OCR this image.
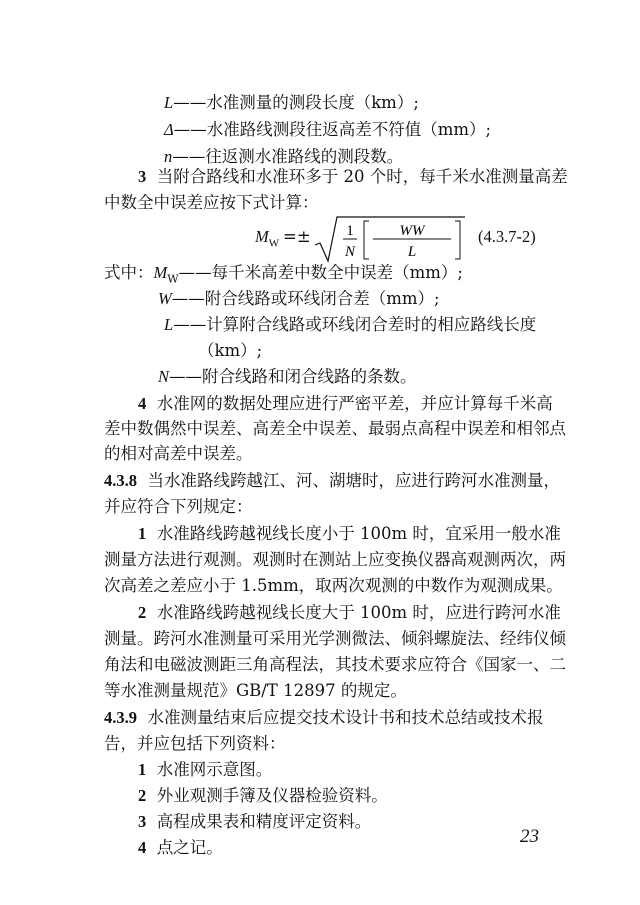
L——水准测量的测段长度（km）;
Δ——水准路线测段往返高差不符值（mm）;
n——往返测水准路线的测段数。
3 当附合路线和水准环多于 20 个时，每千米水准测量高差
中数全中误差应按下式计算：
$M_W =\pm 1$
N
WW
L
(4.3.7-2)
式中：$M_W——$每千米高差中数全中误差（mm）;
W——附合线路或环线闭合差（mm）;
L——计算附合线路或环线闭合差时的相应路线长度
（km）;
N——附合线路和闭合线路的条数。
4 水准网的数据处理应进行严密平差，并应计算每千米高
差中数偶然中误差、高差全中误差、最弱点高程中误差和相邻点
的相对高差中误差。
4.3.8 当水准路线跨越江、河、湖塘时，应进行跨河水准测量，
并应符合下列规定：
1 水准路线跨越视线长度小于 100m 时，宜采用一般水准
测量方法进行观测。观测时在测站上应变换仪器高观测两次，两
次高差之差应小于 1.5mm，取两次观测的中数作为观测成果。
2 水准路线跨越视线长度大于 100m 时，应进行跨河水准
测量。跨河水准测量可采用光学测微法、倾斜螺旋法、经纬仪倾
角法和电磁波测距三角高程法，其技术要求应符合《国家一、二
等水准测量规范》GB/T 12897 的规定。
4.3.9 水准测量结束后应提交技术设计书和技术总结或技术报
告，并应包括下列资料：
1 水准网示意图。
2 外业观测手簿及仪器检验资料。
3 高程成果表和精度评定资料。
4 点之记。
23
